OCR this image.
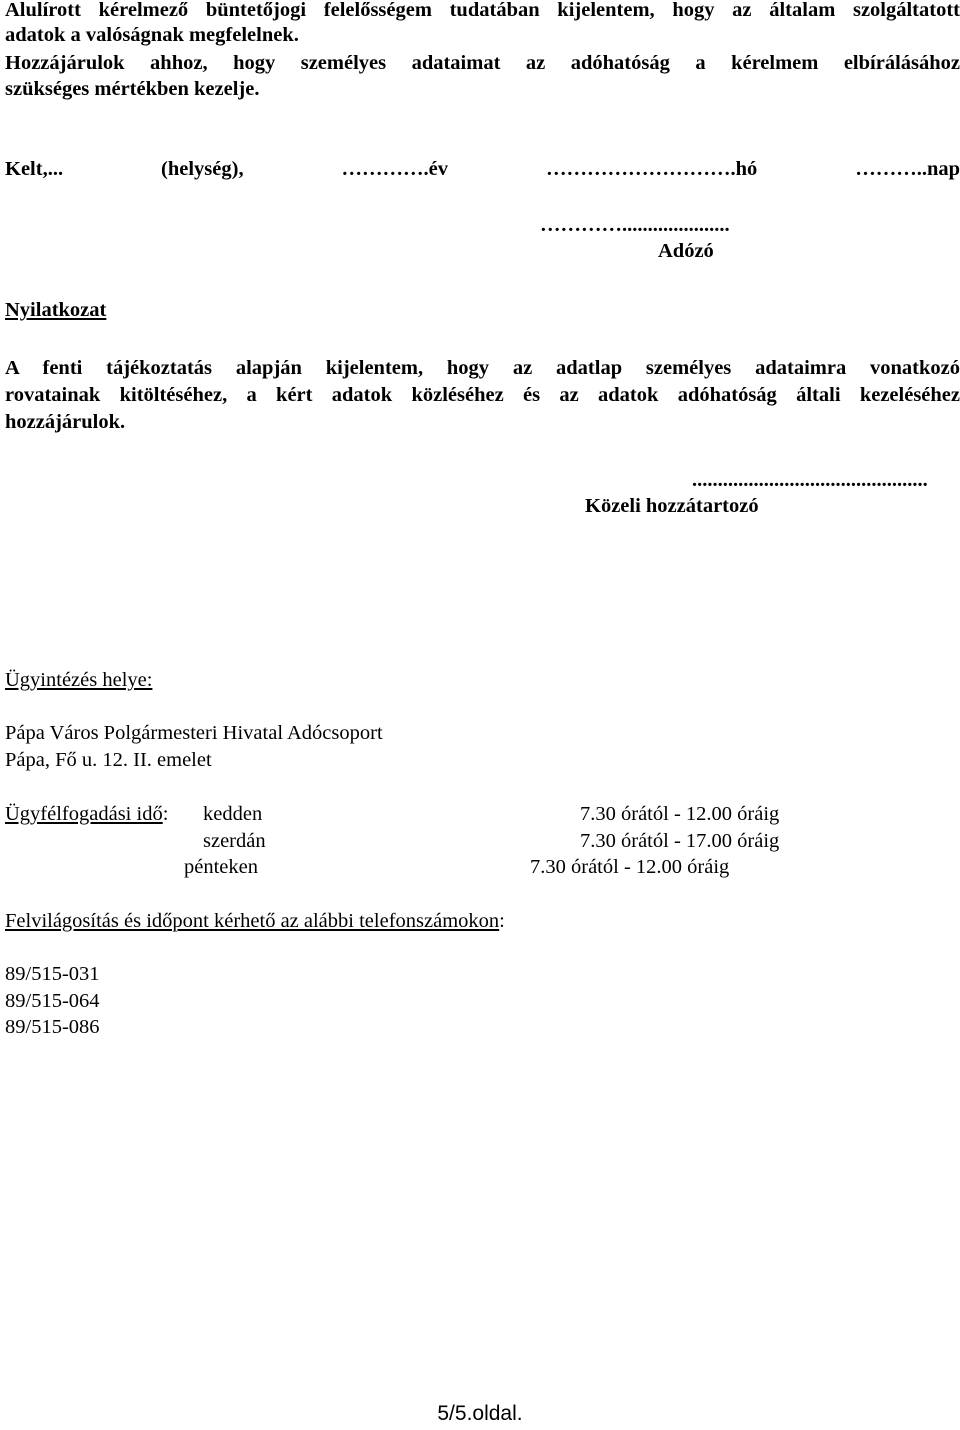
Alulírott kérelmező büntetőjogi felelősségem tudatában kijelentem, hogy az általam szolgáltatott
adatok a valóságnak megfelelnek.
Hozzájárulok ahhoz, hogy személyes adataimat az adóhatóság a kérelmem elbírálásához
szükséges mértékben kezelje.
Kelt,... (helység), ………….év ……………………….hó ………..nap
………….....................
Adózó
Nyilatkozat
A fenti tájékoztatás alapján kijelentem, hogy az adatlap személyes adataimra vonatkozó
rovatainak kitöltéséhez, a kért adatok közléséhez és az adatok adóhatóság általi kezeléséhez
hozzájárulok.
..............................................
Közeli hozzátartozó
Ügyintézés helye:
Pápa Város Polgármesteri Hivatal Adócsoport
Pápa, Fő u. 12. II. emelet
Ügyfélfogadási idő: kedden	7.30 órától - 12.00 óráig
szerdán	7.30 órától - 17.00 óráig
pénteken	7.30 órától - 12.00 óráig
Felvilágosítás és időpont kérhető az alábbi telefonszámokon:
89/515-031
89/515-064
89/515-086
5/5.oldal.
